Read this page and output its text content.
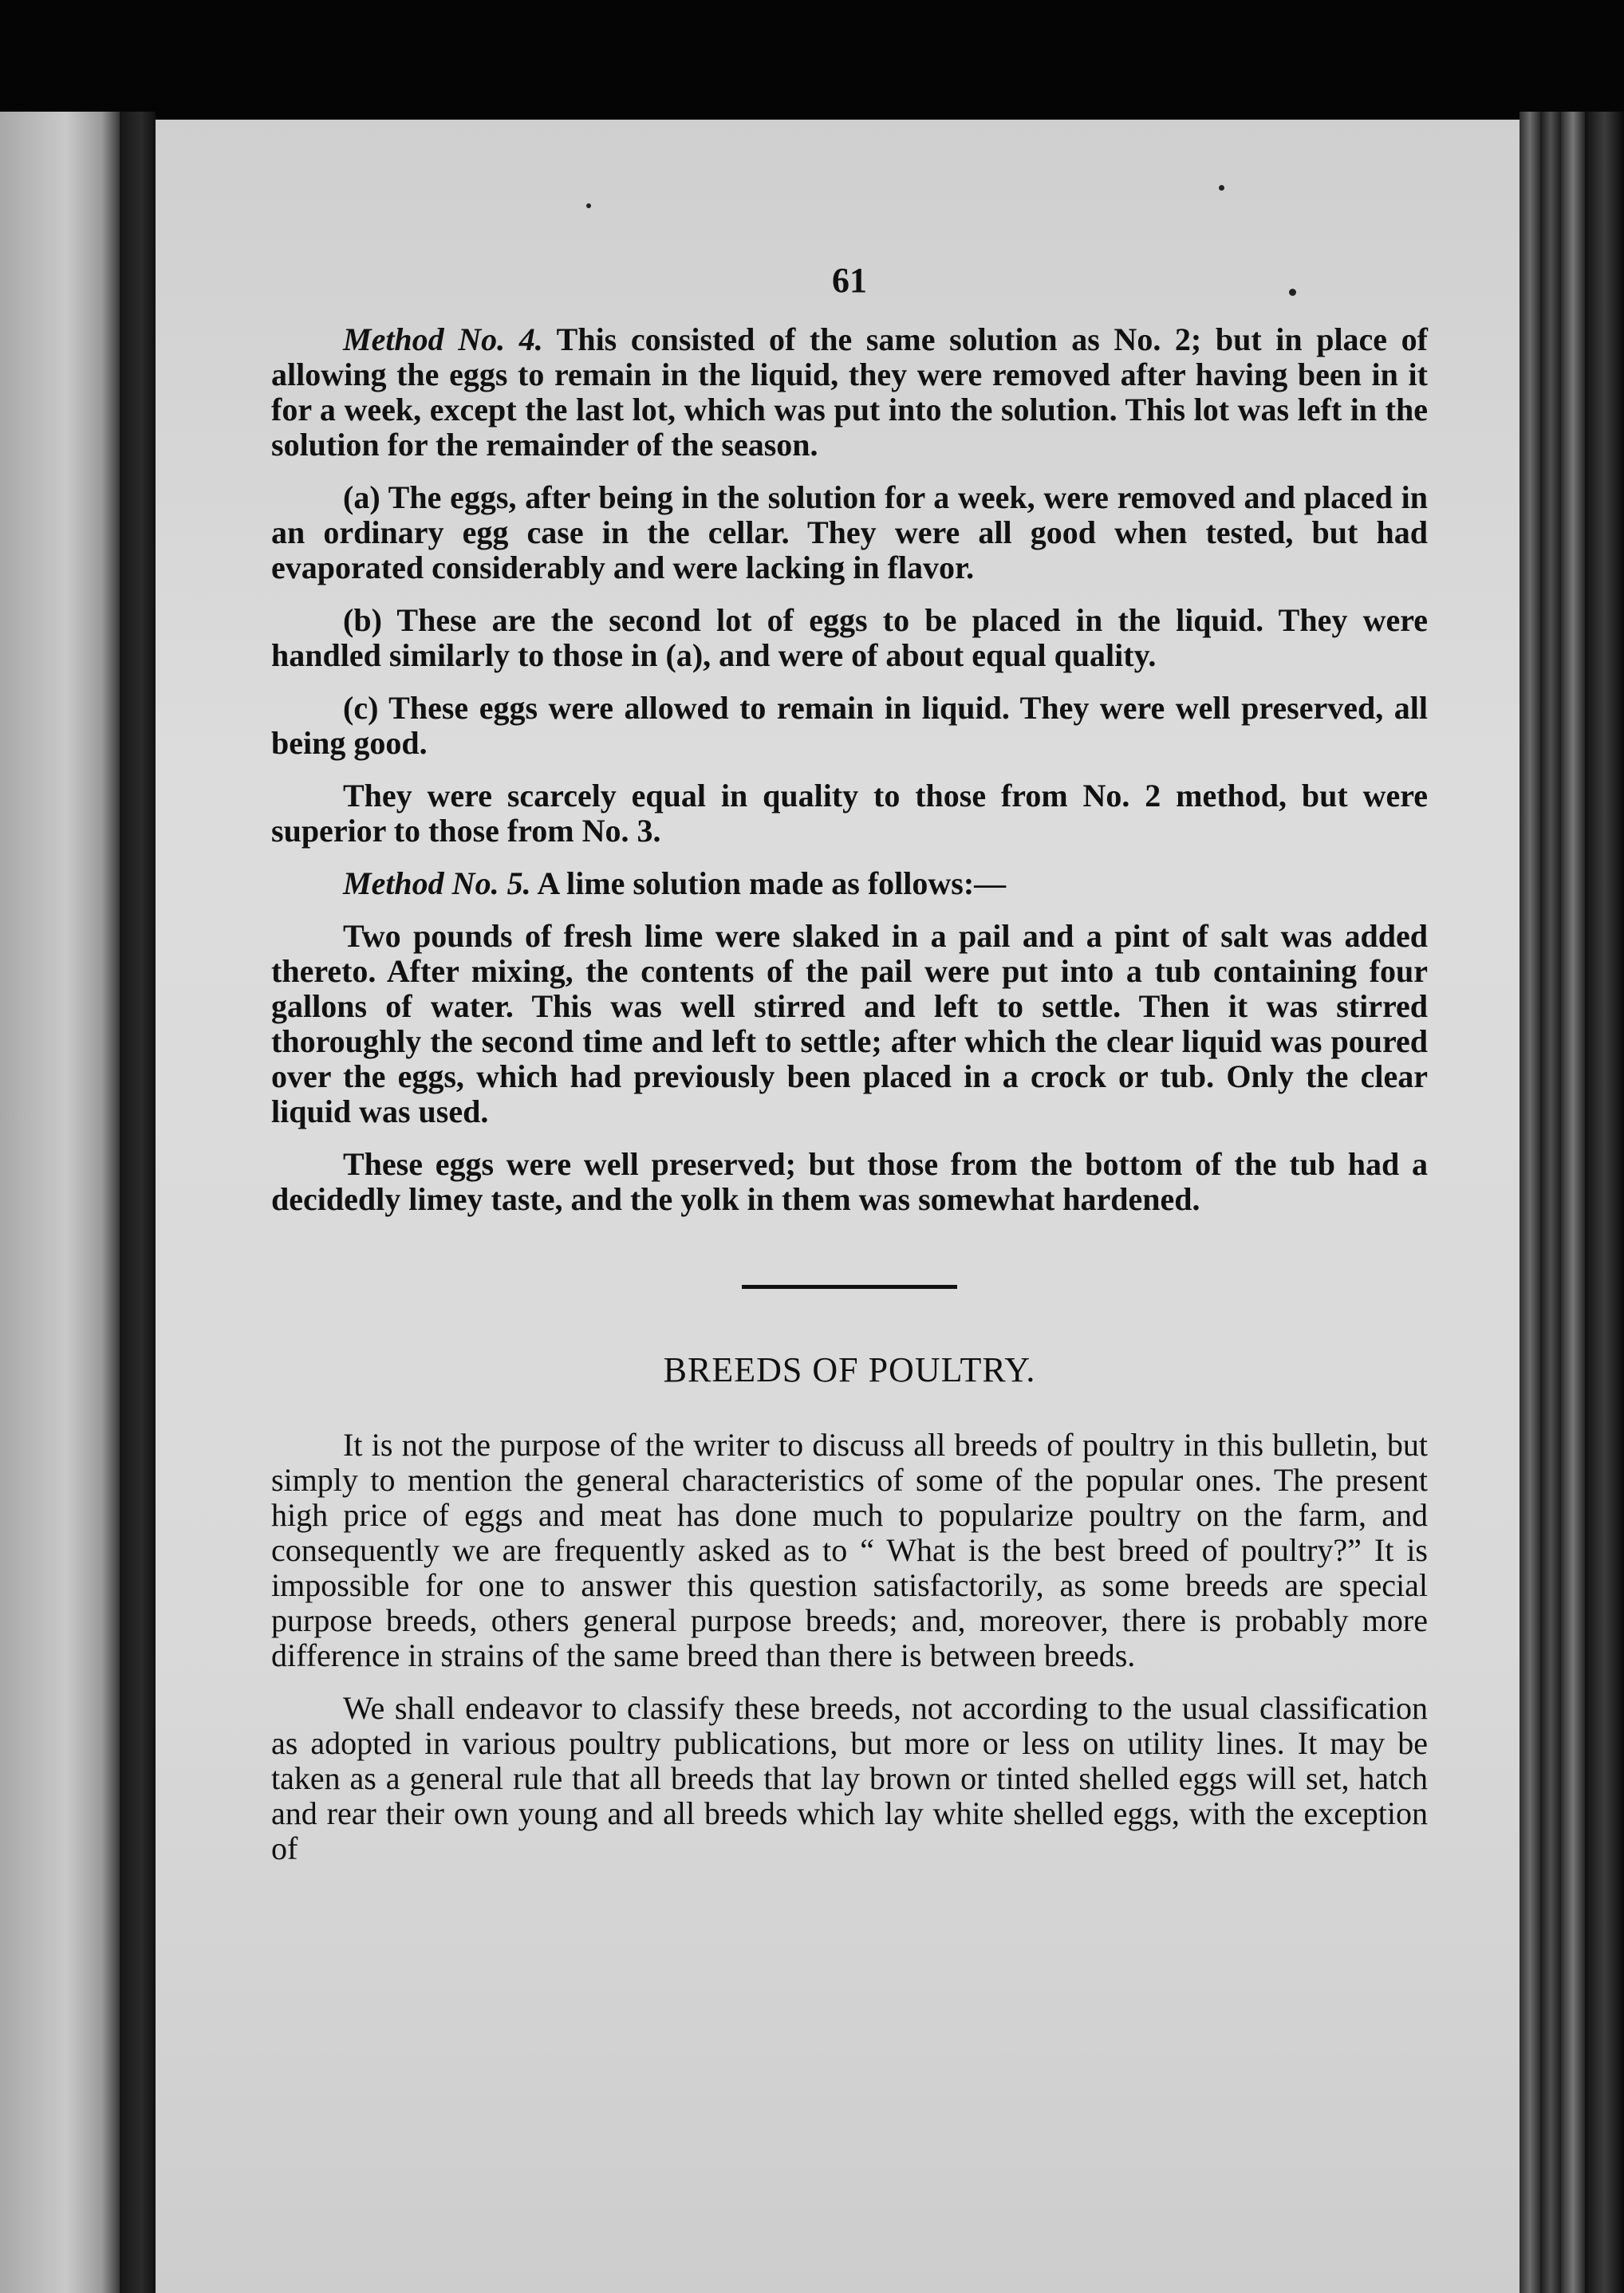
61

Method No. 4. This consisted of the same solution as No. 2; but in place of allowing the eggs to remain in the liquid, they were removed after having been in it for a week, except the last lot, which was put into the solution. This lot was left in the solution for the remainder of the season.

(a) The eggs, after being in the solution for a week, were removed and placed in an ordinary egg case in the cellar. They were all good when tested, but had evaporated considerably and were lacking in flavor.

(b) These are the second lot of eggs to be placed in the liquid. They were handled similarly to those in (a), and were of about equal quality.

(c) These eggs were allowed to remain in liquid. They were well preserved, all being good.

They were scarcely equal in quality to those from No. 2 method, but were superior to those from No. 3.

Method No. 5. A lime solution made as follows:—

Two pounds of fresh lime were slaked in a pail and a pint of salt was added thereto. After mixing, the contents of the pail were put into a tub containing four gallons of water. This was well stirred and left to settle. Then it was stirred thoroughly the second time and left to settle; after which the clear liquid was poured over the eggs, which had previously been placed in a crock or tub. Only the clear liquid was used.

These eggs were well preserved; but those from the bottom of the tub had a decidedly limey taste, and the yolk in them was somewhat hardened.

BREEDS OF POULTRY.

It is not the purpose of the writer to discuss all breeds of poultry in this bulletin, but simply to mention the general characteristics of some of the popular ones. The present high price of eggs and meat has done much to popularize poultry on the farm, and consequently we are frequently asked as to “ What is the best breed of poultry?” It is impossible for one to answer this question satisfactorily, as some breeds are special purpose breeds, others general purpose breeds; and, moreover, there is probably more difference in strains of the same breed than there is between breeds.

We shall endeavor to classify these breeds, not according to the usual classification as adopted in various poultry publications, but more or less on utility lines. It may be taken as a general rule that all breeds that lay brown or tinted shelled eggs will set, hatch and rear their own young and all breeds which lay white shelled eggs, with the exception of
